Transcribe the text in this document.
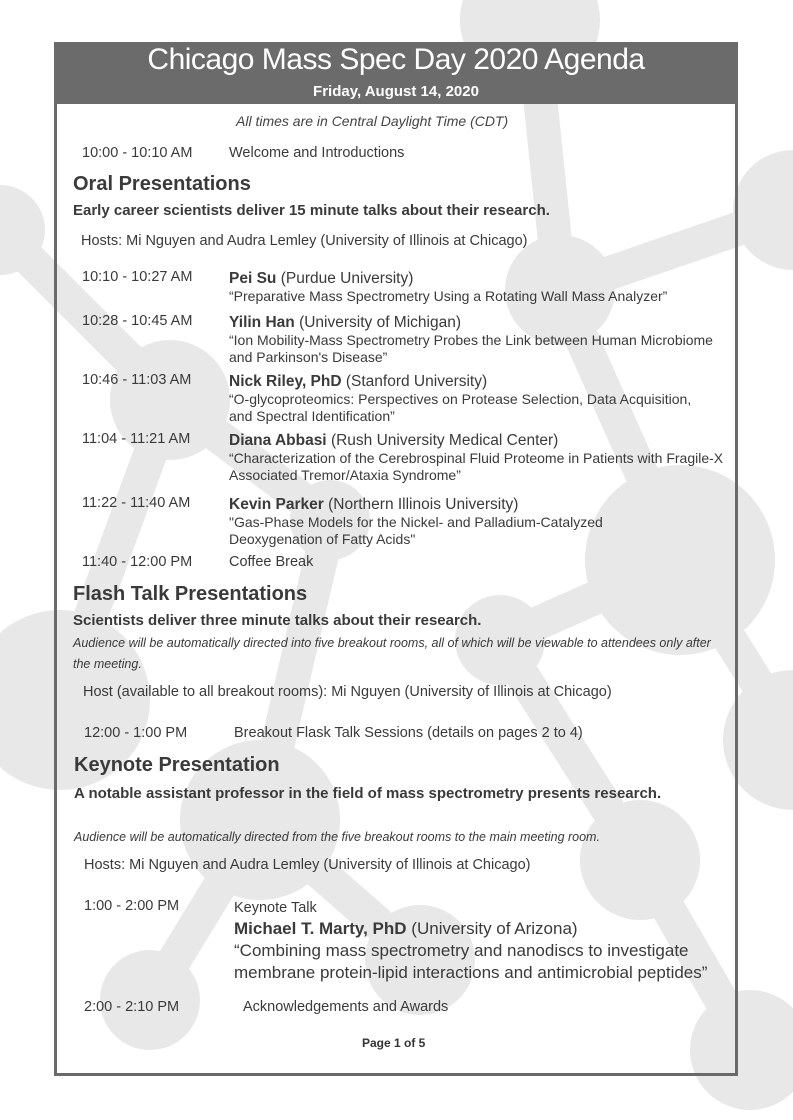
Chicago Mass Spec Day 2020 Agenda
Friday, August 14, 2020
All times are in Central Daylight Time (CDT)
10:00 - 10:10 AM	Welcome and Introductions
Oral Presentations
Early career scientists deliver 15 minute talks about their research.
Hosts: Mi Nguyen and Audra Lemley (University of Illinois at Chicago)
10:10 - 10:27 AM Pei Su (Purdue University)
“Preparative Mass Spectrometry Using a Rotating Wall Mass Analyzer”
10:28 - 10:45 AM Yilin Han (University of Michigan)
“Ion Mobility-Mass Spectrometry Probes the Link between Human Microbiome and Parkinson's Disease”
10:46 - 11:03 AM Nick Riley, PhD (Stanford University)
“O-glycoproteomics: Perspectives on Protease Selection, Data Acquisition, and Spectral Identification”
11:04 - 11:21 AM Diana Abbasi (Rush University Medical Center)
“Characterization of the Cerebrospinal Fluid Proteome in Patients with Fragile-X Associated Tremor/Ataxia Syndrome”
11:22 - 11:40 AM Kevin Parker (Northern Illinois University)
"Gas-Phase Models for the Nickel- and Palladium-Catalyzed Deoxygenation of Fatty Acids"
11:40 - 12:00 PM	Coffee Break
Flash Talk Presentations
Scientists deliver three minute talks about their research.
Audience will be automatically directed into five breakout rooms, all of which will be viewable to attendees only after the meeting.
Host (available to all breakout rooms): Mi Nguyen (University of Illinois at Chicago)
12:00 - 1:00 PM	Breakout Flask Talk Sessions (details on pages 2 to 4)
Keynote Presentation
A notable assistant professor in the field of mass spectrometry presents research.
Audience will be automatically directed from the five breakout rooms to the main meeting room.
Hosts: Mi Nguyen and Audra Lemley (University of Illinois at Chicago)
1:00 - 2:00 PM	Keynote Talk
Michael T. Marty, PhD (University of Arizona)
“Combining mass spectrometry and nanodiscs to investigate membrane protein-lipid interactions and antimicrobial peptides”
2:00 - 2:10 PM	Acknowledgements and Awards
Page 1 of 5
